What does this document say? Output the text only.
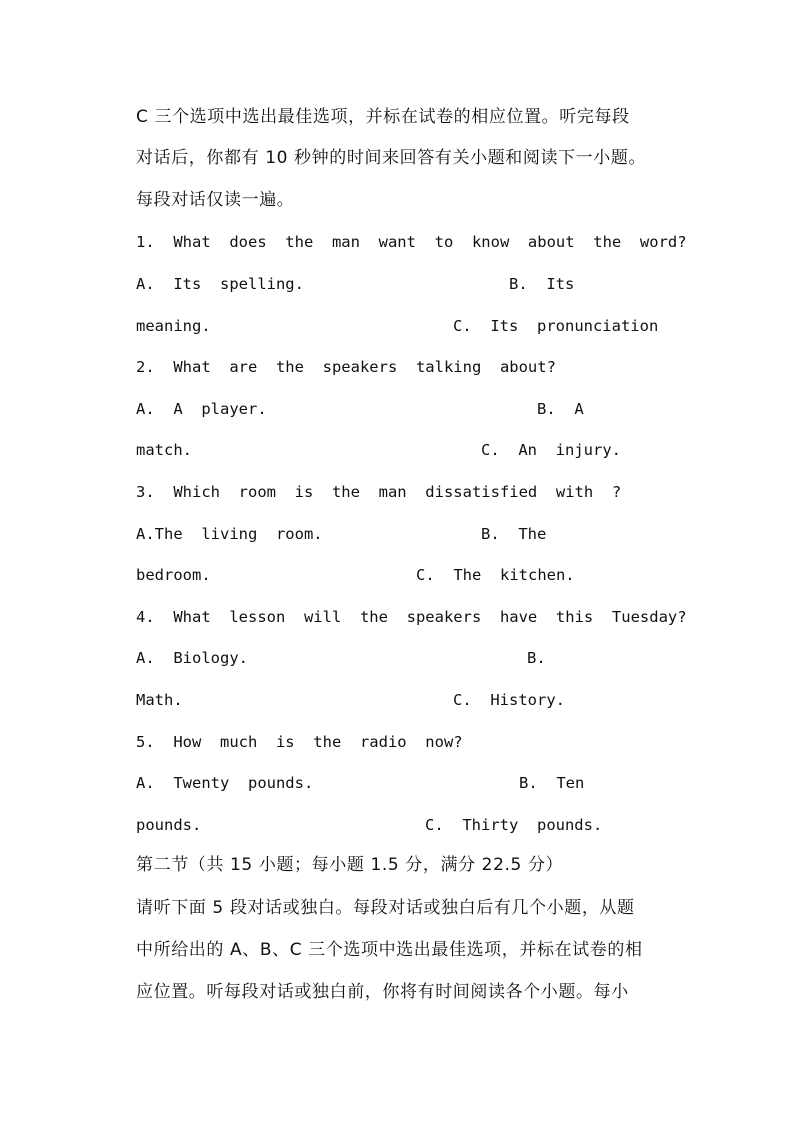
C 三个选项中选出最佳选项，并标在试卷的相应位置。听完每段
对话后，你都有 10 秒钟的时间来回答有关小题和阅读下一小题。
每段对话仅读一遍。
1.  What  does  the  man  want  to  know  about  the  word?
A.  Its  spelling.	B.  Its
meaning.	C.  Its  pronunciation
2.  What  are  the  speakers  talking  about?
A.  A  player.	B.  A
match.	C.  An  injury.
3.  Which  room  is  the  man  dissatisfied  with  ?
A.The  living  room.	B.  The
bedroom.	C.  The  kitchen.
4.  What  lesson  will  the  speakers  have  this  Tuesday?
A.  Biology.	B.
Math.	C.  History.
5.  How  much  is  the  radio  now?
A.  Twenty  pounds.	B.  Ten
pounds.	C.  Thirty  pounds.
第二节（共 15 小题；每小题 1.5 分，满分 22.5 分）
请听下面 5 段对话或独白。每段对话或独白后有几个小题，从题
中所给出的 A、B、C 三个选项中选出最佳选项，并标在试卷的相
应位置。听每段对话或独白前，你将有时间阅读各个小题。每小
